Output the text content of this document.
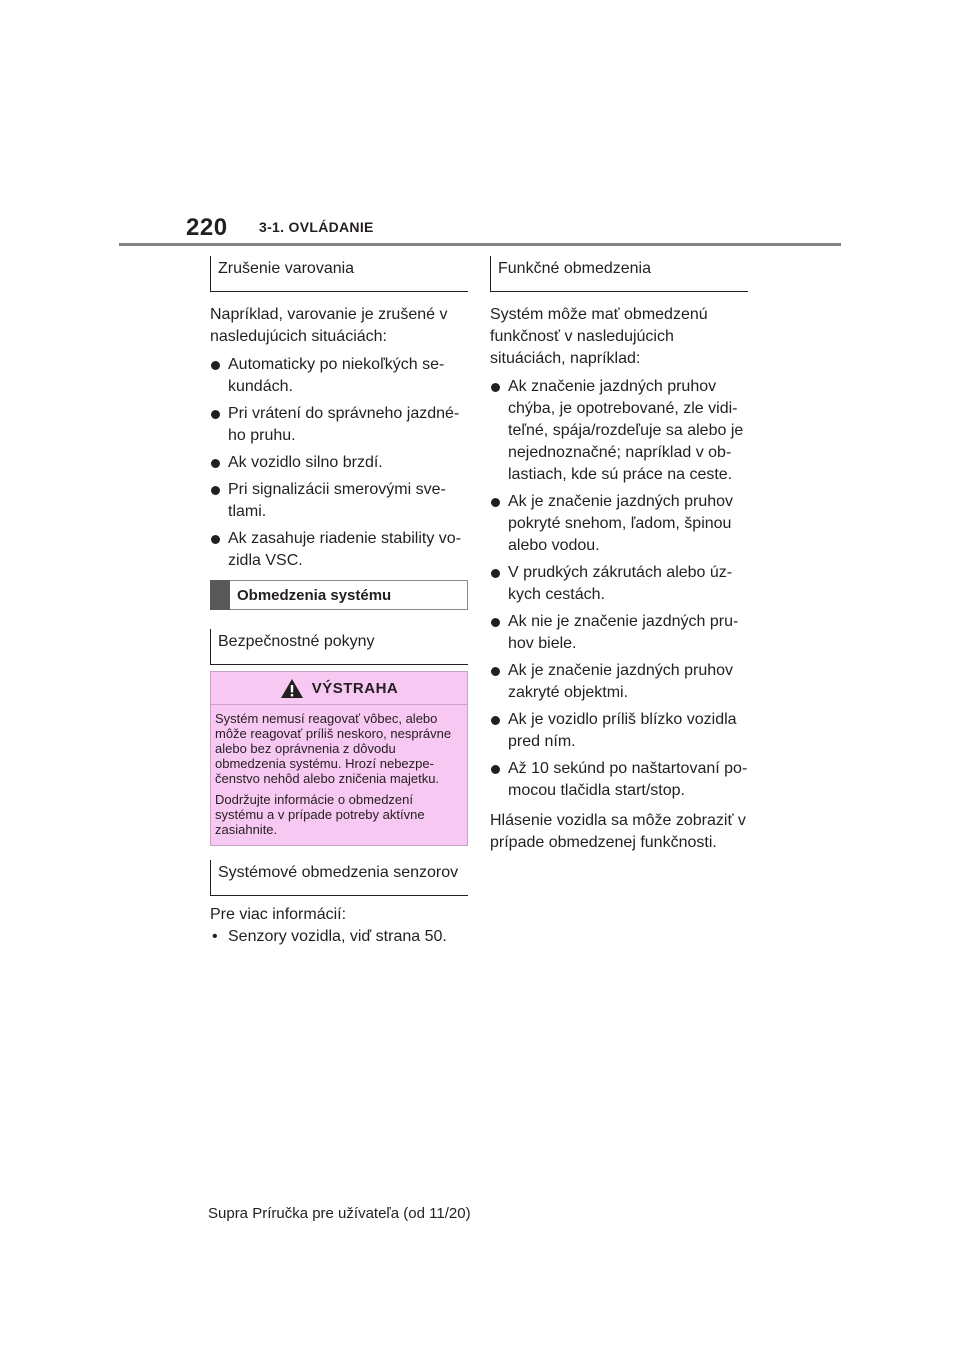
220 3-1. OVLÁDANIE
Zrušenie varovania
Napríklad, varovanie je zrušené v nasledujúcich situáciách:
Automaticky po niekoľkých sekundách.
Pri vrátení do správneho jazdného pruhu.
Ak vozidlo silno brzdí.
Pri signalizácii smerovými svetlami.
Ak zasahuje riadenie stability vozidla VSC.
Obmedzenia systému
Bezpečnostné pokyny
VÝSTRAHA

Systém nemusí reagovať vôbec, alebo môže reagovať príliš neskoro, nesprávne alebo bez oprávnenia z dôvodu obmedzenia systému. Hrozí nebezpečenstvo nehôd alebo zničenia majetku.

Dodržujte informácie o obmedzení systému a v prípade potreby aktívne zasiahnite.

Systémové obmedzenia senzorov
Pre viac informácií:
• Senzory vozidla, viď strana 50.
Funkčné obmedzenia
Systém môže mať obmedzenú funkčnosť v nasledujúcich situáciách, napríklad:
Ak značenie jazdných pruhov chýba, je opotrebované, zle viditeľné, spája/rozdeľuje sa alebo je nejednoznačné; napríklad v oblastiach, kde sú práce na ceste.
Ak je značenie jazdných pruhov pokryté snehom, ľadom, špinou alebo vodou.
V prudkých zákrutách alebo úzkych cestách.
Ak nie je značenie jazdných pruhov biele.
Ak je značenie jazdných pruhov zakryté objektmi.
Ak je vozidlo príliš blízko vozidla pred ním.
Až 10 sekúnd po naštartovaní pomocou tlačidla start/stop.
Hlásenie vozidla sa môže zobraziť v prípade obmedzenej funkčnosti.
Supra Príručka pre užívateľa (od 11/20)
